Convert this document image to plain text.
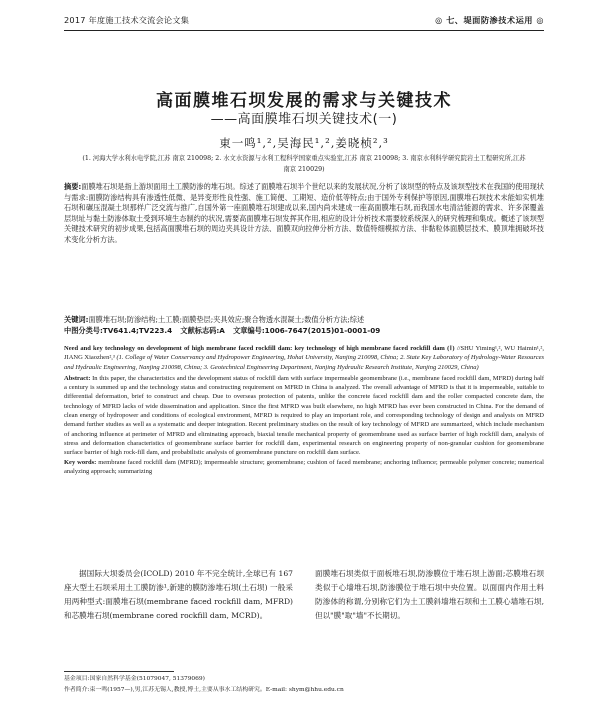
2017 年度施工技术交流会论文集	◎ 七、堤面防渗技术运用 ◎
高面膜堆石坝发展的需求与关键技术
——高面膜堆石坝关键技术(一)
東一鸣¹,²,吴海民¹,²,姜晓桢²,³
(1. 河海大学水利水电学院,江苏 南京 210098; 2. 水文水资源与水利工程科学国家重点实验室,江苏 南京 210098; 3. 南京水利科学研究院岩土工程研究所,江苏 南京 210029)
摘要:面膜堆石坝是指上游坝面用土工膜防渗的堆石坝。综述了面膜堆石坝半个世纪以来的发展状况,分析了该坝型的特点及该坝型技术在我国的使用现状与需求:面膜防渗结构具有渗透性低微、是异变形性良性强、施工简便、工期短、造价低等特点;由于国外专利保护等原因,面膜堆石坝技术未能如实机堆石坝和碾压混凝土坝那样广泛交流与推广,自国外第一座面膜堆石坝建成以来,国内尚未建成一座高面膜堆石坝,而我国水电清洁能源的需求、许多深覆盖层坝址与黏土防渗体取土受到环境生态制约的状况,需要高面膜堆石坝发挥其作用,相应的设计分析技术需要较系统深入的研究梳理和集成。概述了该坝型关键技术研究的初步成果,包括高面膜堆石坝的周边夹具设计方法、面膜双向拉伸分析方法、数值特细模拟方法、非黏粒体面膜层技术、膜顶堆拥破坏技术变化分析方法。
关键词:面膜堆石坝;防渗结构;土工膜;面膜垫层;夹具效应;聚合物透水混凝土;数值分析方法;综述
中图分类号:TV641.4;TV223.4 文献标志码:A 文章编号:1006-7647(2015)01-0001-09
Need and key technology on development of high membrane faced rockfill dam: key technology of high membrane faced rockfill dam (Ⅰ) //SHU Yiming¹,², WU Haimin¹,², JIANG Xiaozhen²,³ (1. College of Water Conservancy and Hydropower Engineering, Hohai University, Nanjing 210098, China; 2. State Key Laboratory of Hydrology-Water Resources and Hydraulic Engineering, Nanjing 210098, China; 3. Geotechnical Engineering Department, Nanjing Hydraulic Research Institute, Nanjing 210029, China)
Abstract: In this paper, the characteristics and the development status of rockfill dam with surface impermeable geomembrane (i.e., membrane faced rockfill dam, MFRD) during half a century is summed up and the technology status and constructing requirement on MFRD in China is analyzed. The overall advantage of MFRD is that it is impermeable, suitable to differential deformation, brief to construct and cheap. Due to overseas protection of patents, unlike the concrete faced rockfill dam and the roller compacted concrete dam, the technology of MFRD lacks of wide dissemination and application. Since the first MFRD was built elsewhere, no high MFRD has ever been constructed in China. For the demand of clean energy of hydropower and conditions of ecological environment, MFRD is required to play an important role, and corresponding technology of design and analysis on MFRD demand further studies as well as a systematic and deeper integration. Recent preliminary studies on the result of key technology of MFRD are summarized, which include mechanism of anchoring influence at perimeter of MFRD and eliminating approach, biaxial tensile mechanical property of geomembrane used as surface barrier of high rockfill dam, analysis of stress and deformation characteristics of geomembrane surface barrier for rockfill dam, experimental research on engineering property of non-granular cushion for geomembrane surface barrier of high rock-fill dam, and probabilistic analysis of geomembrane puncture on rockfill dam surface.
Key words: membrane faced rockfill dam (MFRD); impermeable structure; geomembrane; cushion of faced membrane; anchoring influence; permeable polymer concrete; numerical analyzing approach; summarizing
据国际大坝委员会(ICOLD) 2010 年不完全统计,全球已有 167 座大型土石坝采用土工膜防渗¹,新建的膜防渗堆石坝(土石坝) 一般采用两种型式:面膜堆石坝(membrane faced rockfill dam, MFRD)和芯膜堆石坝(membrane cored rockfill dam, MCRD)。
面膜堆石坝类似于面板堆石坝,防渗膜位于堆石坝上游面;芯膜堆石坝类似于心墙堆石坝,防渗膜位于堆石坝中央位置。以面面内作用土料防渗体的称谓,分别称它们为土工膜斜墙堆石坝和土工膜心墙堆石坝,但以"膜"取"墙"不长期切。
基金项目:国家自然科学基金(51079047, 51379069)
作者简介:束一鸣(1957—),男,江苏无锡人,教授,博士,主要从事水工结构研究。E-mail: shym@hhu.edu.cn
